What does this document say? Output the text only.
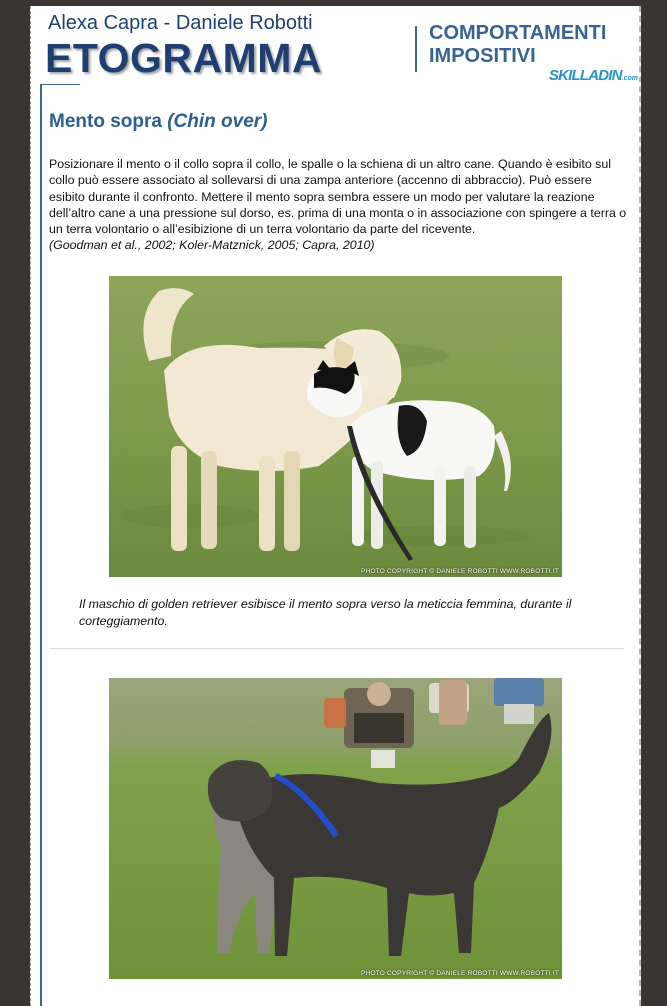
Alexa Capra - Daniele Robotti
ETOGRAMMA
COMPORTAMENTI
IMPOSITIVI
SKILLADIN.com
Mento sopra (Chin over)

Posizionare il mento o il collo sopra il collo, le spalle o la schiena di un altro cane. Quando è esibito sul collo può essere associato al sollevarsi di una zampa anteriore (accenno di abbraccio). Può essere esibito durante il confronto. Mettere il mento sopra sembra essere un modo per valutare la reazione dell’altro cane a una pressione sul dorso, es. prima di una monta o in associazione con spingere a terra o un terra volontario o all’esibizione di un terra volontario da parte del ricevente.
(Goodman et al., 2002; Koler-Matznick, 2005; Capra, 2010)

PHOTO COPYRIGHT © DANIELE ROBOTTI WWW.ROBOTTI.IT

Il maschio di golden retriever esibisce il mento sopra verso la meticcia femmina, durante il corteggiamento.

PHOTO COPYRIGHT © DANIELE ROBOTTI WWW.ROBOTTI.IT
